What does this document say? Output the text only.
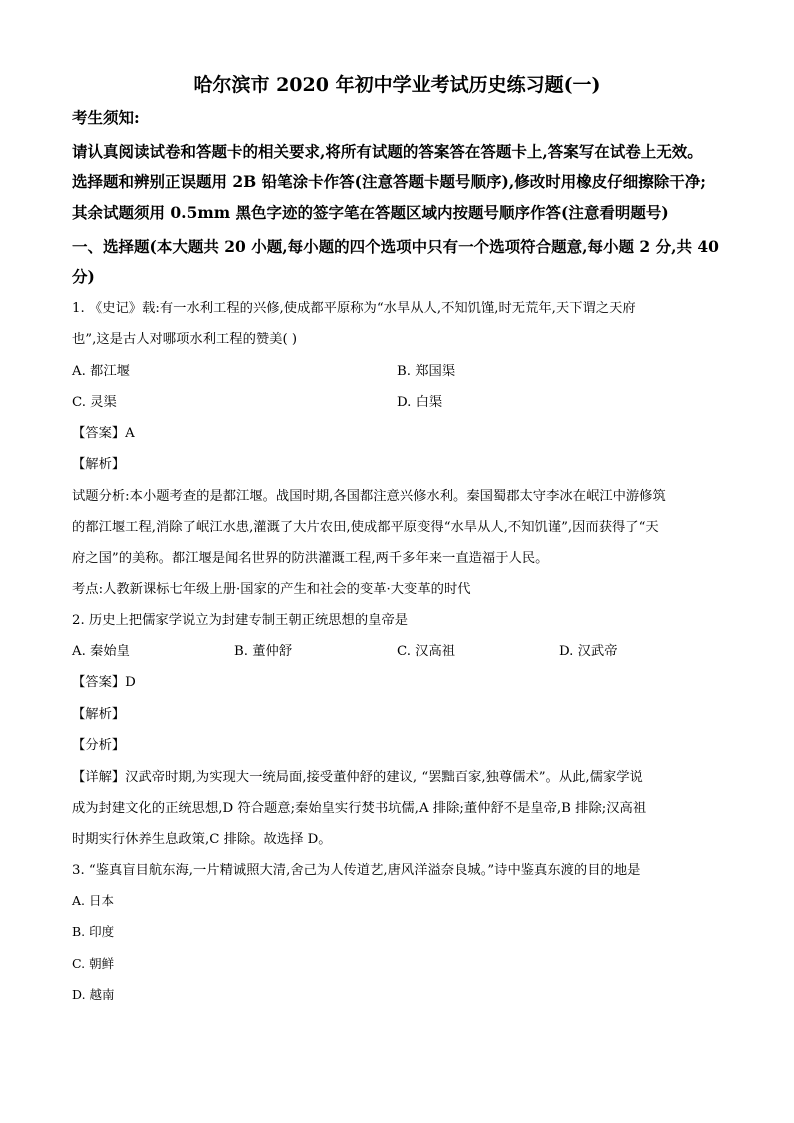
哈尔滨市 2020 年初中学业考试历史练习题(一)
考生须知:
请认真阅读试卷和答题卡的相关要求,将所有试题的答案答在答题卡上,答案写在试卷上无效。
选择题和辨别正误题用 2B 铅笔涂卡作答(注意答题卡题号顺序),修改时用橡皮仔细擦除干净;
其余试题须用 0.5mm 黑色字迹的签字笔在答题区域内按题号顺序作答(注意看明题号)
一、选择题(本大题共 20 小题,每小题的四个选项中只有一个选项符合题意,每小题 2 分,共 40
分)
1. 《史记》载:有一水利工程的兴修,使成都平原称为“水旱从人,不知饥馑,时无荒年,天下谓之天府
也”,这是古人对哪项水利工程的赞美( )
A. 都江堰	B. 郑国渠
C. 灵渠	D. 白渠
【答案】A
【解析】
试题分析:本小题考查的是都江堰。战国时期,各国都注意兴修水利。秦国蜀郡太守李冰在岷江中游修筑
的都江堰工程,消除了岷江水患,灌溉了大片农田,使成都平原变得“水旱从人,不知饥谨”,因而获得了“天
府之国”的美称。都江堰是闻名世界的防洪灌溉工程,两千多年来一直造福于人民。
考点:人教新课标七年级上册·国家的产生和社会的变革·大变革的时代
2. 历史上把儒家学说立为封建专制王朝正统思想的皇帝是
A. 秦始皇	B. 董仲舒	C. 汉高祖	D. 汉武帝
【答案】D
【解析】
【分析】
【详解】汉武帝时期,为实现大一统局面,接受董仲舒的建议, “罢黜百家,独尊儒术”。从此,儒家学说
成为封建文化的正统思想,D 符合题意;秦始皇实行焚书坑儒,A 排除;董仲舒不是皇帝,B 排除;汉高祖
时期实行休养生息政策,C 排除。故选择 D。
3. “鉴真盲目航东海,一片精诚照大清,舍己为人传道艺,唐风洋溢奈良城。”诗中鉴真东渡的目的地是
A. 日本
B. 印度
C. 朝鲜
D. 越南
